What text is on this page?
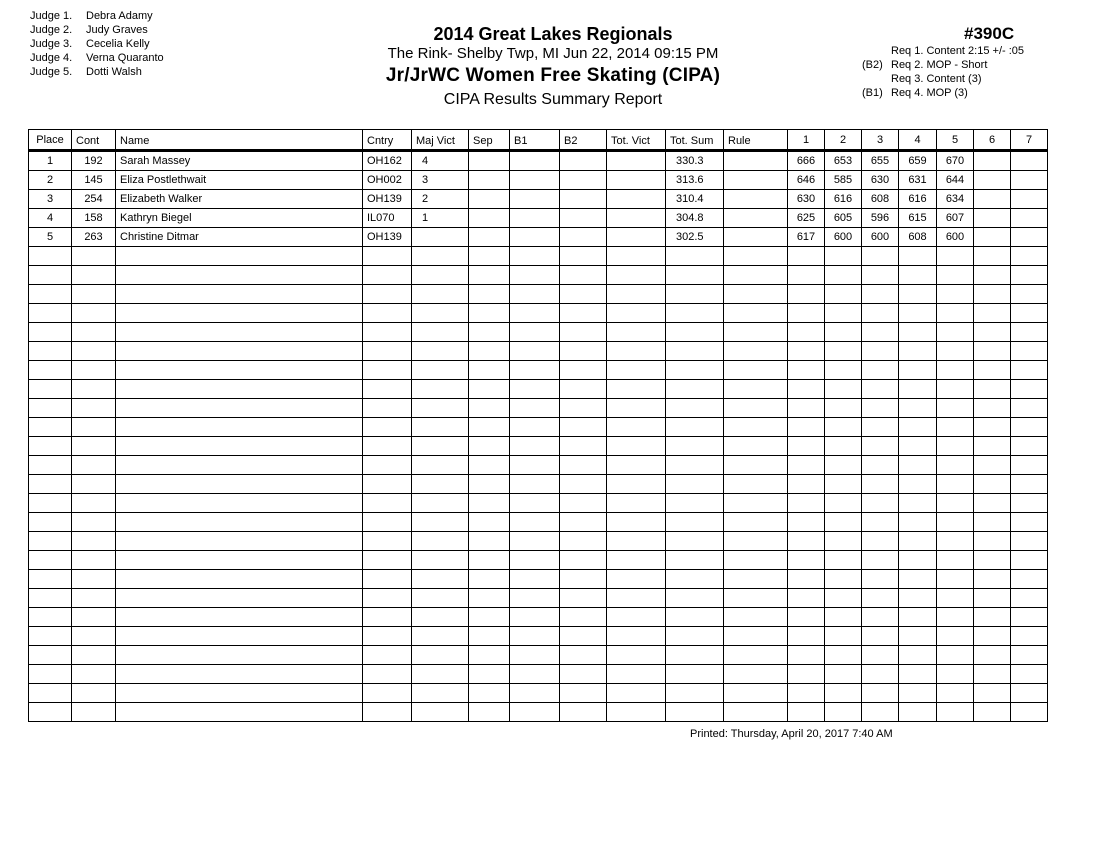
Judge 1. Debra Adamy
Judge 2. Judy Graves
Judge 3. Cecelia Kelly
Judge 4. Verna Quaranto
Judge 5. Dotti Walsh
2014 Great Lakes Regionals
The Rink- Shelby Twp, MI Jun 22, 2014 09:15 PM
Jr/JrWC Women Free Skating (CIPA)
CIPA Results Summary Report
#390C
Req 1. Content 2:15 +/- :05
(B2) Req 2. MOP - Short
Req 3. Content (3)
(B1) Req 4. MOP (3)
Place	Cont	Name	Cntry	Maj Vict	Sep	B1	B2	Tot. Vict	Tot. Sum	Rule	1	2	3	4	5	6	7
1	192	Sarah Massey	OH162	4					330.3		666	653	655	659	670		
2	145	Eliza Postlethwait	OH002	3					313.6		646	585	630	631	644		
3	254	Elizabeth Walker	OH139	2					310.4		630	616	608	616	634		
4	158	Kathryn Biegel	IL070	1					304.8		625	605	596	615	607		
5	263	Christine Ditmar	OH139						302.5		617	600	600	608	600		

Printed: Thursday, April 20, 2017 7:40 AM
